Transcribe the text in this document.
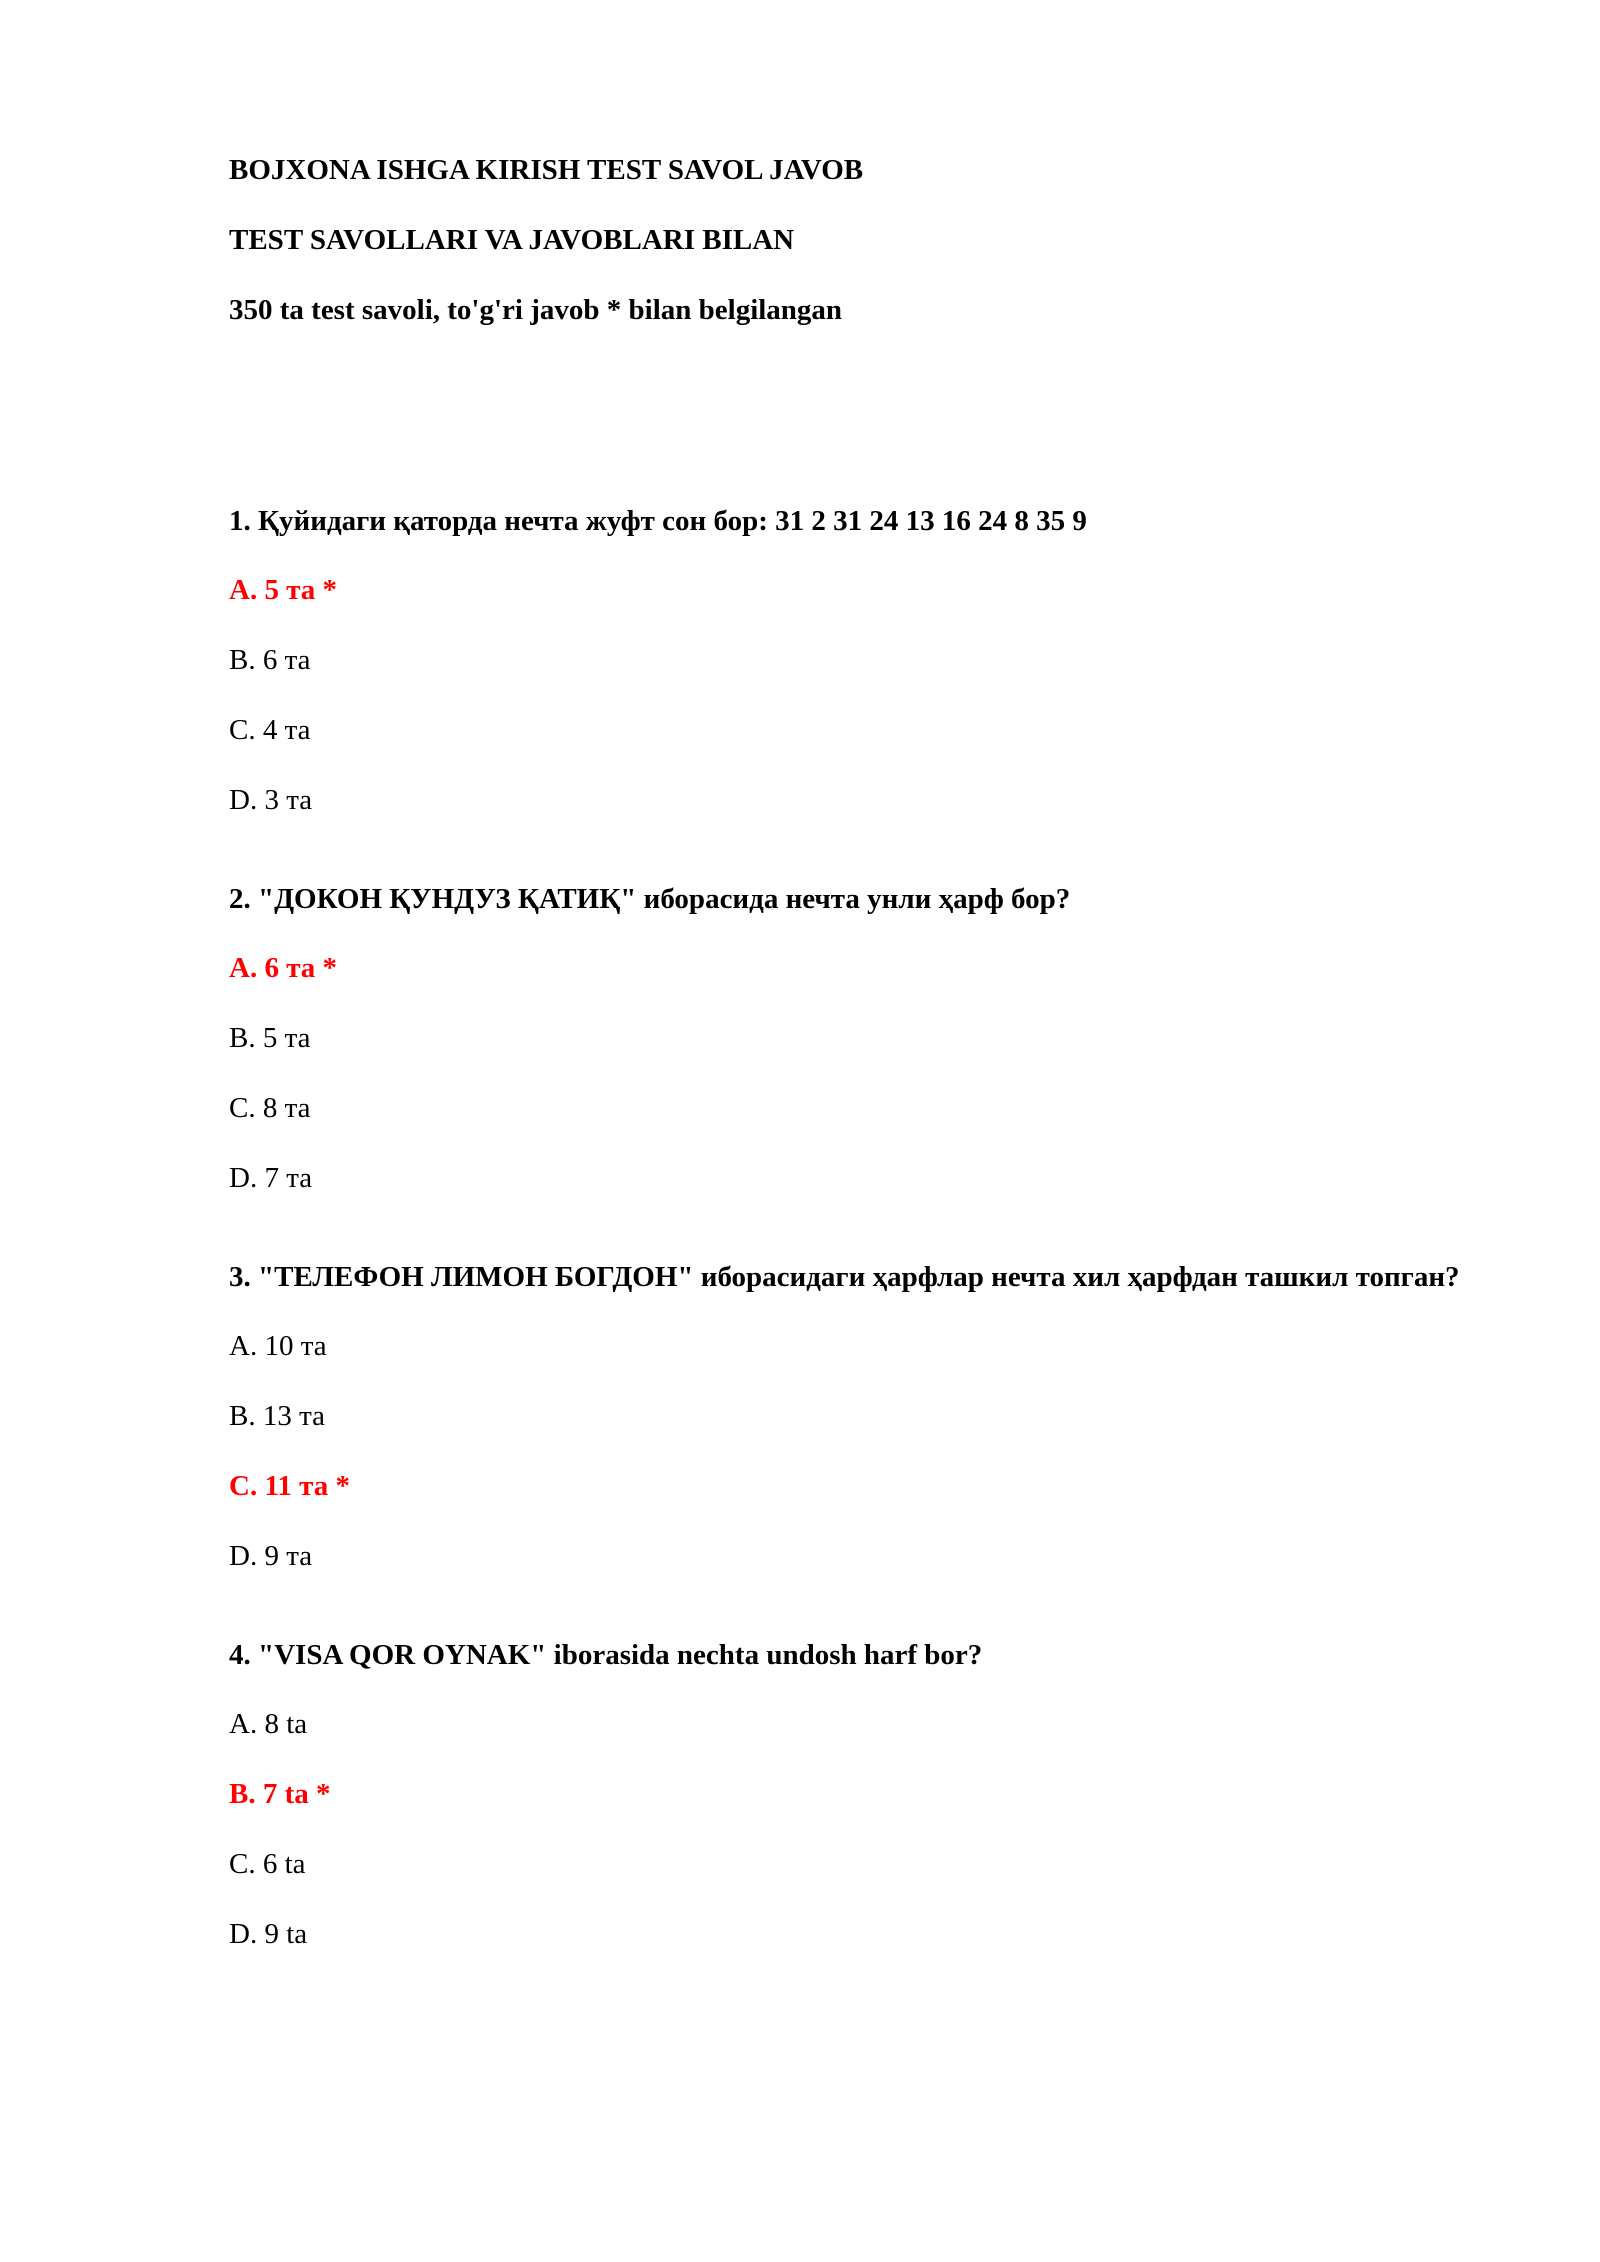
BOJXONA ISHGA KIRISH TEST SAVOL JAVOB
TEST SAVOLLARI VA JAVOBLARI BILAN
350 ta test savoli, to'g'ri javob * bilan belgilangan
1. Қуйидаги қаторда нечта жуфт сон бор: 31 2 31 24 13 16 24 8 35 9
A. 5 та *
B. 6 та
C. 4 та
D. 3 та
2. "ДОКОН ҚУНДУЗ ҚАТИҚ" иборасида нечта унли ҳарф бор?
A. 6 та *
B. 5 та
C. 8 та
D. 7 та
3. "ТЕЛЕФОН ЛИМОН БОГДОН" иборасидаги ҳарфлар нечта хил ҳарфдан ташкил топган?
A. 10 та
B. 13 та
C. 11 та *
D. 9 та
4. "VISA QOR OYNAK" iborasida nechta undosh harf bor?
A. 8 ta
B. 7 ta *
C. 6 ta
D. 9 ta
